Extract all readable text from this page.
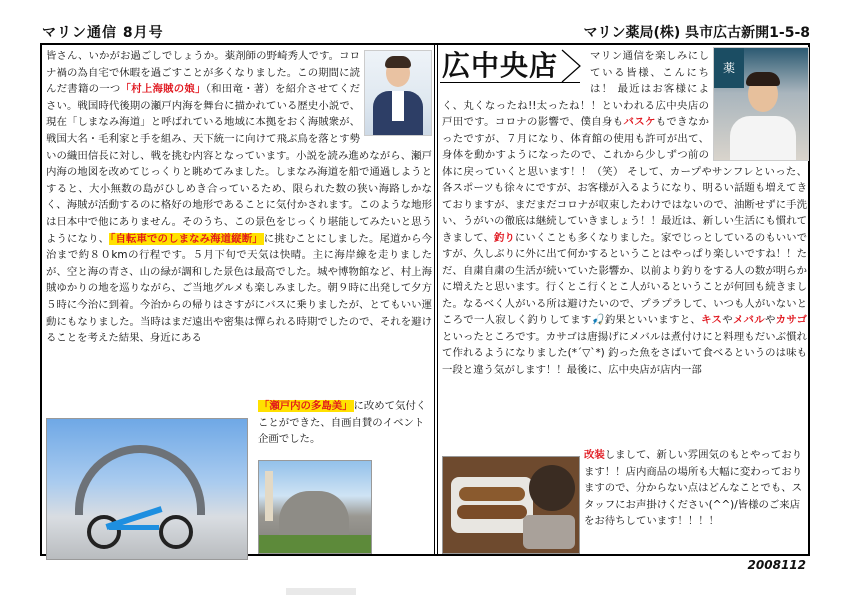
マリン通信 8月号	マリン薬局(株) 呉市広古新開1-5-8
皆さん、いかがお過ごしでしょうか。薬剤師の野崎秀人です。コロナ禍の為自宅で休暇を過ごすことが多くなりました。この期間に読んだ書籍の一つ「村上海賊の娘」（和田竜・著）を紹介させてください。戦国時代後期の瀬戸内海を舞台に描かれている歴史小説で、現在「しまなみ海道」と呼ばれている地域に本拠をおく海賊衆が、戦国大名・毛利家と手を組み、天下統一に向けて飛ぶ鳥を落とす勢いの織田信長に対し、戦を挑む内容となっています。小説を読み進めながら、瀬戸内海の地図を改めてじっくりと眺めてみました。しまなみ海道を船で通過しようとすると、大小無数の島がひしめき合っているため、限られた数の狭い海路しかなく、海賊が活動するのに格好の地形であることに気付かされます。このような地形は日本中で他にありません。そのうち、この景色をじっくり堪能してみたいと思うようになり、「自転車でのしまなみ海道縦断」に挑むことにしました。尾道から今治まで約８０kmの行程です。５月下旬で天気は快晴。主に海岸線を走りましたが、空と海の青さ、山の緑が調和した景色は最高でした。城や博物館など、村上海賊ゆかりの地を巡りながら、ご当地グルメも楽しみました。朝９時に出発して夕方５時に今治に到着。今治からの帰りはさすがにバスに乗りましたが、とてもいい運動にもなりました。当時はまだ遠出や密集は憚られる時期でしたので、それを避けることを考えた結果、身近にある
「瀬戸内の多島美」に改めて気付くことができた、自画自賛のイベント企画でした。
広中央店	薬
マリン通信を楽しみにしている皆様、こんにちは！ 最近はお客様によく、丸くなったね!!太ったね！！といわれる広中央店の戸田です。コロナの影響で、僕自身もバスケもできなかったですが、７月になり、体育館の使用も許可が出て、身体を動かすようになったので、これから少しずつ前の体に戻っていくと思います！！（笑） そして、カープやサンフレといった、各スポーツも徐々にですが、お客様が入るようになり、明るい話題も増えてきておりますが、まだまだコロナが収束したわけではないので、油断せずに手洗い、うがいの徹底は継続していきましょう！！最近は、新しい生活にも慣れてきまして、釣りにいくことも多くなりました。家でじっとしているのもいいですが、久しぶりに外に出て何かするということはやっぱり楽しいですね！！ただ、自粛自粛の生活が続いていた影響か、以前より釣りをする人の数が明らかに増えたと思います。行くとこ行くとこ人がいるということが何回も続きました。なるべく人がいる所は避けたいので、プラプラして、いつも人がいないところで一人寂しく釣りしてます🎣釣果といいますと、キスやメバルやカサゴといったところです。カサゴは唐揚げにメバルは煮付けにと料理もだいぶ慣れて作れるようになりました(*´▽`*) 釣った魚をさばいて食べるというのは味も一段と違う気がします！！最後に、広中央店が店内一部
改装しまして、新しい雰囲気のもとやっております！！店内商品の場所も大幅に変わっておりますので、分からない点はどんなことでも、スタッフにお声掛けください(^^)/皆様のご来店をお待ちしています！！！！
2008112
